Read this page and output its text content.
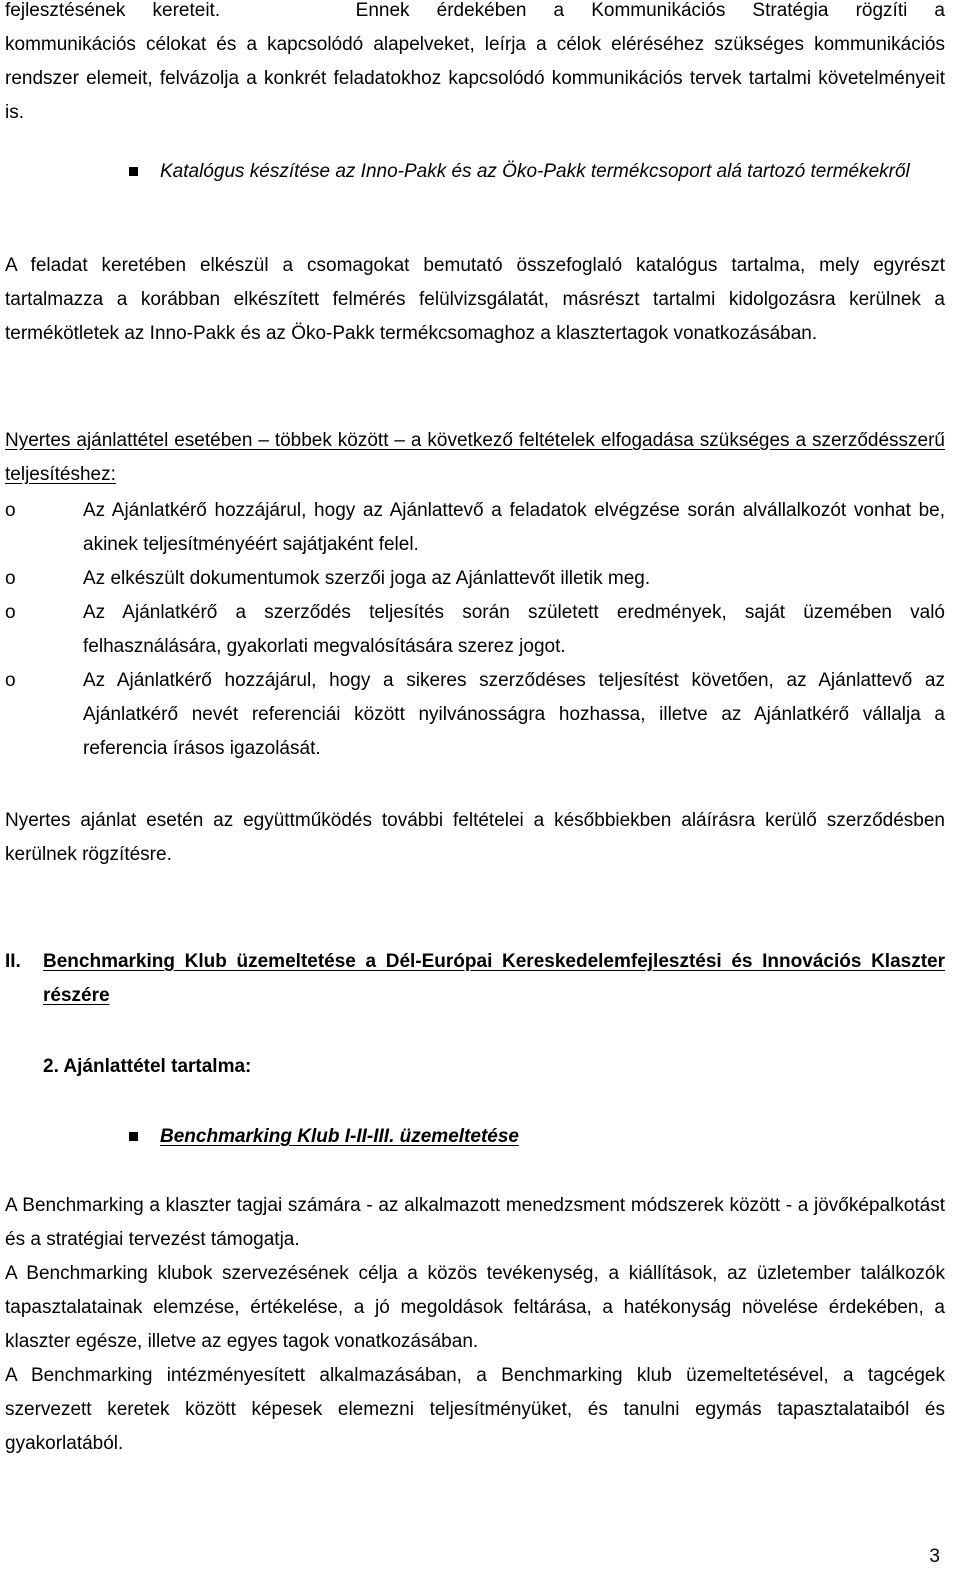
fejlesztésének kereteit.	Ennek érdekében a Kommunikációs Stratégia rögzíti a
kommunikációs célokat és a kapcsolódó alapelveket, leírja a célok eléréséhez szükséges kommunikációs rendszer elemeit, felvázolja a konkrét feladatokhoz kapcsolódó kommunikációs tervek tartalmi követelményeit is.
Katalógus készítése az Inno-Pakk és az Öko-Pakk termékcsoport alá tartozó termékekről
A feladat keretében elkészül a csomagokat bemutató összefoglaló katalógus tartalma, mely egyrészt tartalmazza a korábban elkészített felmérés felülvizsgálatát, másrészt tartalmi kidolgozásra kerülnek a termékötletek az Inno-Pakk és az Öko-Pakk termékcsomaghoz a klasztertagok vonatkozásában.
Nyertes ajánlattétel esetében – többek között – a következő feltételek elfogadása szükséges a szerződésszerű teljesítéshez:
o	Az Ajánlatkérő hozzájárul, hogy az Ajánlattevő a feladatok elvégzése során alvállalkozót vonhat be, akinek teljesítményéért sajátjaként felel.
o	Az elkészült dokumentumok szerzői joga az Ajánlattevőt illetik meg.
o	Az Ajánlatkérő a szerződés teljesítés során született eredmények, saját üzemében való felhasználására, gyakorlati megvalósítására szerez jogot.
o	Az Ajánlatkérő hozzájárul, hogy a sikeres szerződéses teljesítést követően, az Ajánlattevő az Ajánlatkérő nevét referenciái között nyilvánosságra hozhassa, illetve az Ajánlatkérő vállalja a referencia írásos igazolását.
Nyertes ajánlat esetén az együttműködés további feltételei a későbbiekben aláírásra kerülő szerződésben kerülnek rögzítésre.
II. Benchmarking Klub üzemeltetése a Dél-Európai Kereskedelemfejlesztési és Innovációs Klaszter részére
2. Ajánlattétel tartalma:
Benchmarking Klub I-II-III. üzemeltetése
A Benchmarking a klaszter tagjai számára - az alkalmazott menedzsment módszerek között - a jövőképalkotást és a stratégiai tervezést támogatja.
A Benchmarking klubok szervezésének célja a közös tevékenység, a kiállítások, az üzletember találkozók tapasztalatainak elemzése, értékelése, a jó megoldások feltárása, a hatékonyság növelése érdekében, a klaszter egésze, illetve az egyes tagok vonatkozásában.
A Benchmarking intézményesített alkalmazásában, a Benchmarking klub üzemeltetésével, a tagcégek szervezett keretek között képesek elemezni teljesítményüket, és tanulni egymás tapasztalataiból és gyakorlatából.
3
